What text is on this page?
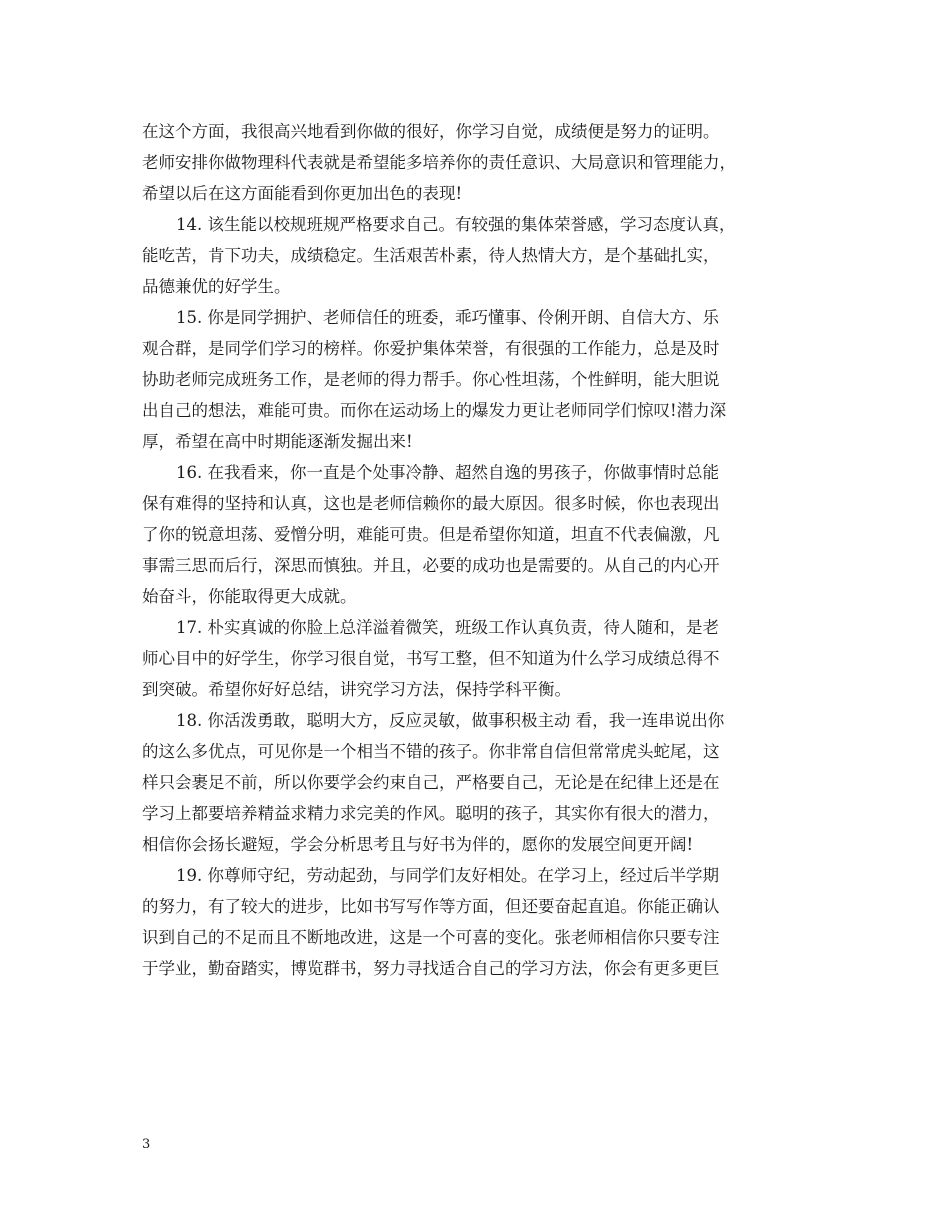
在这个方面，我很高兴地看到你做的很好，你学习自觉，成绩便是努力的证明。
老师安排你做物理科代表就是希望能多培养你的责任意识、大局意识和管理能力，
希望以后在这方面能看到你更加出色的表现!
14. 该生能以校规班规严格要求自己。有较强的集体荣誉感，学习态度认真，
能吃苦，肯下功夫，成绩稳定。生活艰苦朴素，待人热情大方，是个基础扎实，
品德兼优的好学生。
15. 你是同学拥护、老师信任的班委，乖巧懂事、伶俐开朗、自信大方、乐
观合群，是同学们学习的榜样。你爱护集体荣誉，有很强的工作能力，总是及时
协助老师完成班务工作，是老师的得力帮手。你心性坦荡，个性鲜明，能大胆说
出自己的想法，难能可贵。而你在运动场上的爆发力更让老师同学们惊叹!潜力深
厚，希望在高中时期能逐渐发掘出来!
16. 在我看来，你一直是个处事冷静、超然自逸的男孩子，你做事情时总能
保有难得的坚持和认真，这也是老师信赖你的最大原因。很多时候，你也表现出
了你的锐意坦荡、爱憎分明，难能可贵。但是希望你知道，坦直不代表偏激，凡
事需三思而后行，深思而慎独。并且，必要的成功也是需要的。从自己的内心开
始奋斗，你能取得更大成就。
17. 朴实真诚的你脸上总洋溢着微笑，班级工作认真负责，待人随和，是老
师心目中的好学生，你学习很自觉，书写工整，但不知道为什么学习成绩总得不
到突破。希望你好好总结，讲究学习方法，保持学科平衡。
18. 你活泼勇敢，聪明大方，反应灵敏，做事积极主动 看，我一连串说出你
的这么多优点，可见你是一个相当不错的孩子。你非常自信但常常虎头蛇尾，这
样只会裹足不前，所以你要学会约束自己，严格要自己，无论是在纪律上还是在
学习上都要培养精益求精力求完美的作风。聪明的孩子，其实你有很大的潜力，
相信你会扬长避短，学会分析思考且与好书为伴的，愿你的发展空间更开阔!
19. 你尊师守纪，劳动起劲，与同学们友好相处。在学习上，经过后半学期
的努力，有了较大的进步，比如书写写作等方面，但还要奋起直追。你能正确认
识到自己的不足而且不断地改进，这是一个可喜的变化。张老师相信你只要专注
于学业，勤奋踏实，博览群书，努力寻找适合自己的学习方法，你会有更多更巨
3
